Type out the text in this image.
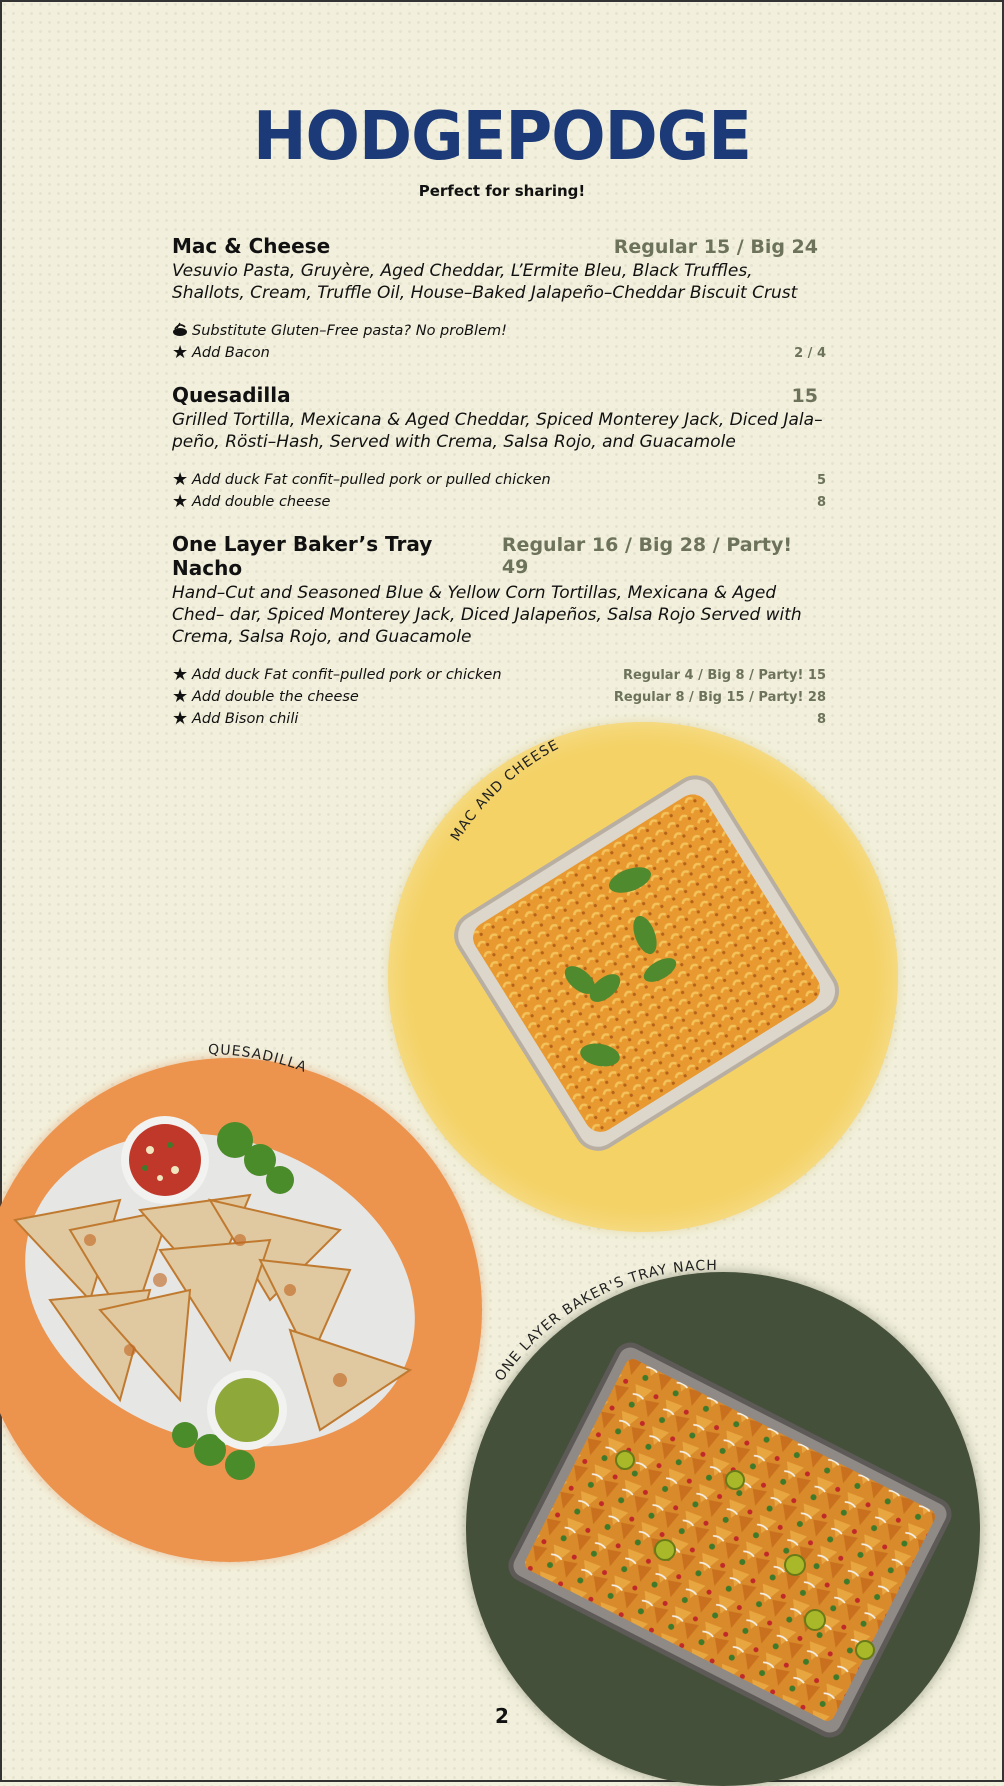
HODGEPODGE
Perfect for sharing!
Mac & Cheese	Regular 15 / Big 24
Vesuvio Pasta, Gruyère, Aged Cheddar, L’Ermite Bleu, Black Truffles, Shallots, Cream, Truffle Oil, House–Baked Jalapeño–Cheddar Biscuit Crust
Substitute Gluten–Free pasta? No proBlem!
★ Add Bacon	2 / 4
Quesadilla	15
Grilled Tortilla, Mexicana & Aged Cheddar, Spiced Monterey Jack, Diced Jala– peño, Rösti–Hash, Served with Crema, Salsa Rojo, and Guacamole
★ Add duck Fat confit–pulled pork or pulled chicken	5
★ Add double cheese	8
One Layer Baker’s Tray Nacho
Regular 16 / Big 28 / Party! 49
Hand–Cut and Seasoned Blue & Yellow Corn Tortillas, Mexicana & Aged Ched– dar, Spiced Monterey Jack, Diced Jalapeños, Salsa Rojo Served with Crema, Salsa Rojo, and Guacamole
★ Add duck Fat confit–pulled pork or chicken	Regular 4 / Big 8 / Party! 15
★ Add double the cheese	Regular 8 / Big 15 / Party! 28
★ Add Bison chili	8
MAC AND CHEESE
QUESADILLA
ONE LAYER BAKER'S TRAY NACH
2
